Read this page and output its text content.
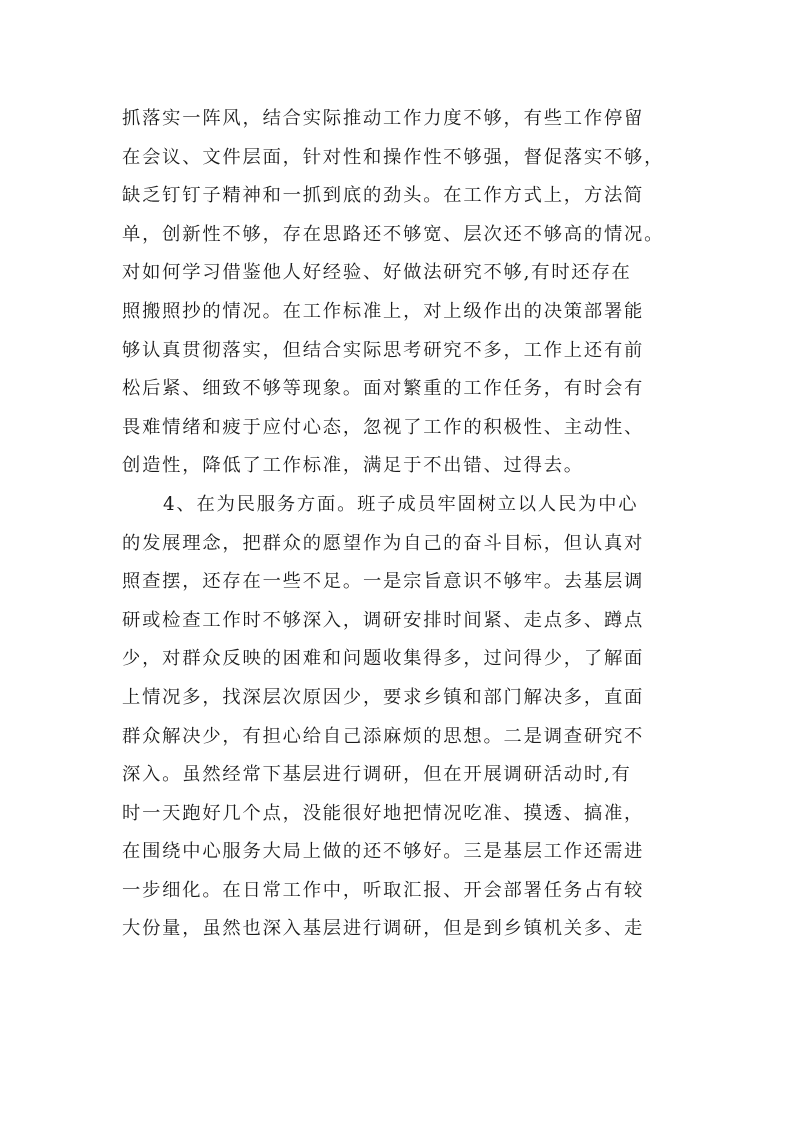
抓落实一阵风，结合实际推动工作力度不够，有些工作停留
在会议、文件层面，针对性和操作性不够强，督促落实不够，
缺乏钉钉子精神和一抓到底的劲头。在工作方式上，方法简
单，创新性不够，存在思路还不够宽、层次还不够高的情况。
对如何学习借鉴他人好经验、好做法研究不够,有时还存在
照搬照抄的情况。在工作标准上，对上级作出的决策部署能
够认真贯彻落实，但结合实际思考研究不多，工作上还有前
松后紧、细致不够等现象。面对繁重的工作任务，有时会有
畏难情绪和疲于应付心态，忽视了工作的积极性、主动性、
创造性，降低了工作标准，满足于不出错、过得去。
4、在为民服务方面。班子成员牢固树立以人民为中心
的发展理念，把群众的愿望作为自己的奋斗目标，但认真对
照查摆，还存在一些不足。一是宗旨意识不够牢。去基层调
研或检查工作时不够深入，调研安排时间紧、走点多、蹲点
少，对群众反映的困难和问题收集得多，过问得少，了解面
上情况多，找深层次原因少，要求乡镇和部门解决多，直面
群众解决少，有担心给自己添麻烦的思想。二是调查研究不
深入。虽然经常下基层进行调研，但在开展调研活动时,有
时一天跑好几个点，没能很好地把情况吃准、摸透、搞准，
在围绕中心服务大局上做的还不够好。三是基层工作还需进
一步细化。在日常工作中，听取汇报、开会部署任务占有较
大份量，虽然也深入基层进行调研，但是到乡镇机关多、走
